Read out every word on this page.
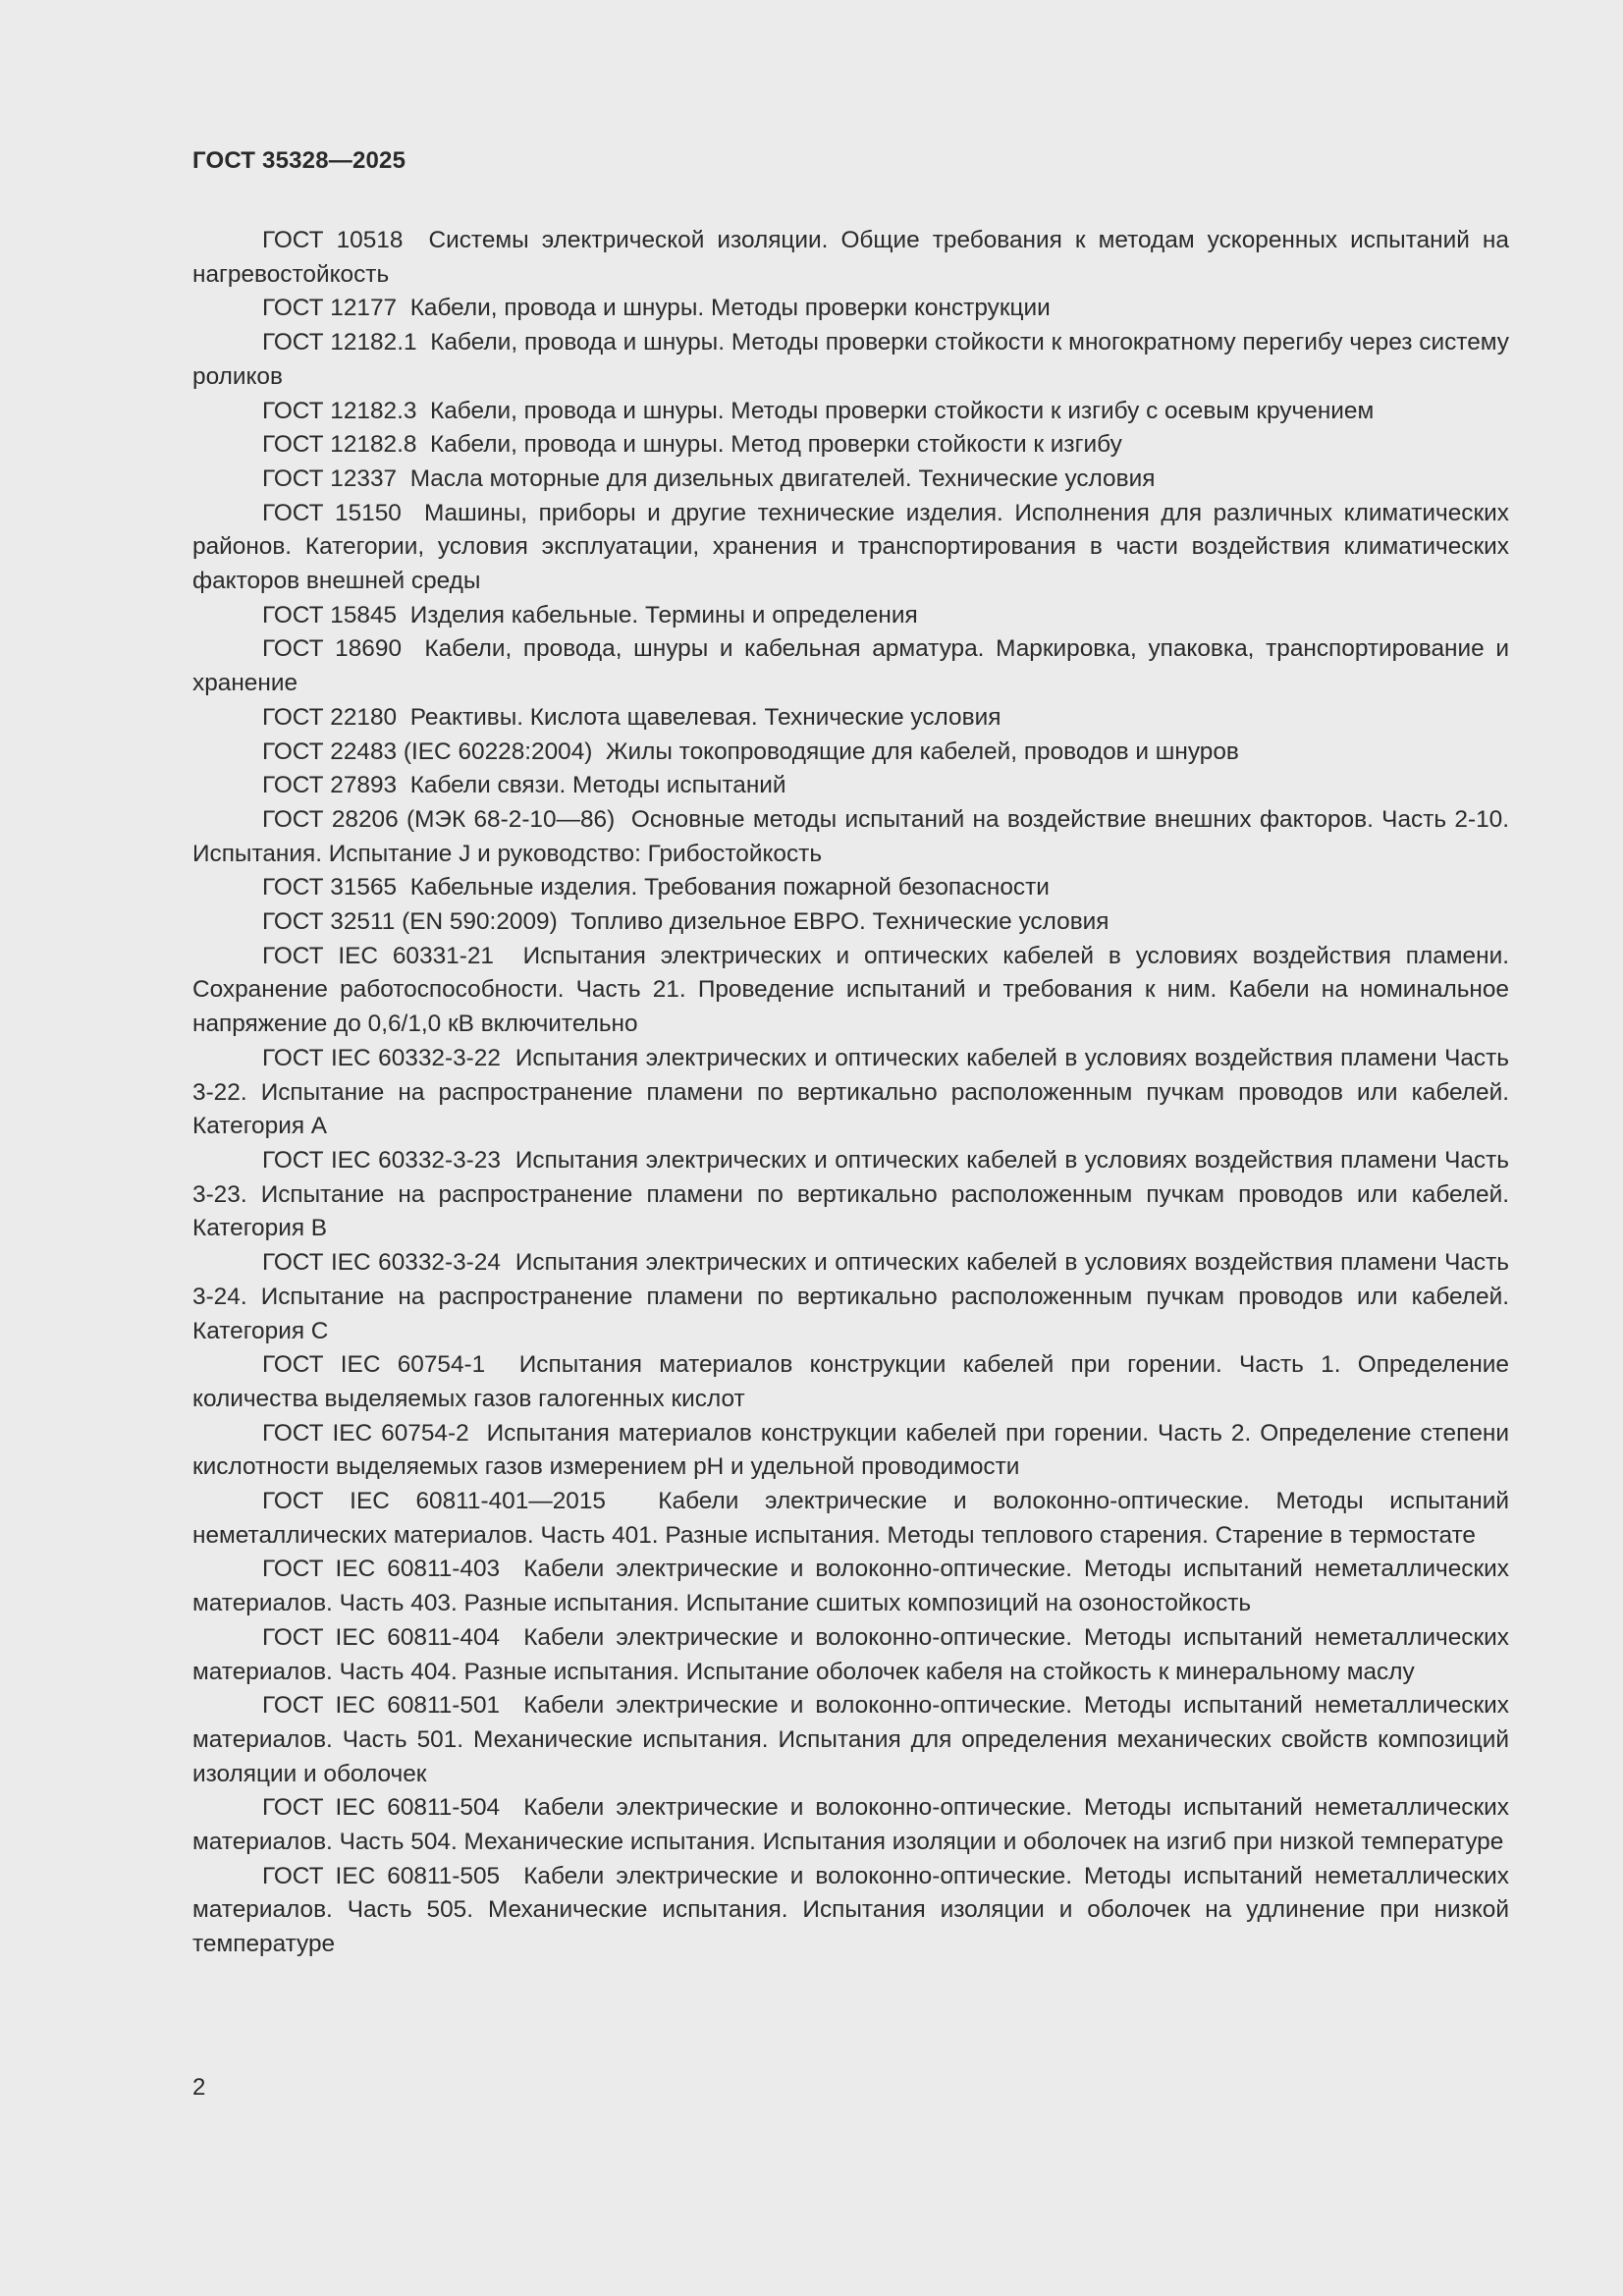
ГОСТ 35328—2025
ГОСТ 10518 Системы электрической изоляции. Общие требования к методам ускоренных испытаний на нагревостойкость
ГОСТ 12177 Кабели, провода и шнуры. Методы проверки конструкции
ГОСТ 12182.1 Кабели, провода и шнуры. Методы проверки стойкости к многократному перегибу через систему роликов
ГОСТ 12182.3 Кабели, провода и шнуры. Методы проверки стойкости к изгибу с осевым кручением
ГОСТ 12182.8 Кабели, провода и шнуры. Метод проверки стойкости к изгибу
ГОСТ 12337 Масла моторные для дизельных двигателей. Технические условия
ГОСТ 15150 Машины, приборы и другие технические изделия. Исполнения для различных климатических районов. Категории, условия эксплуатации, хранения и транспортирования в части воздействия климатических факторов внешней среды
ГОСТ 15845 Изделия кабельные. Термины и определения
ГОСТ 18690 Кабели, провода, шнуры и кабельная арматура. Маркировка, упаковка, транспортирование и хранение
ГОСТ 22180 Реактивы. Кислота щавелевая. Технические условия
ГОСТ 22483 (IEC 60228:2004) Жилы токопроводящие для кабелей, проводов и шнуров
ГОСТ 27893 Кабели связи. Методы испытаний
ГОСТ 28206 (МЭК 68-2-10—86) Основные методы испытаний на воздействие внешних факторов. Часть 2-10. Испытания. Испытание J и руководство: Грибостойкость
ГОСТ 31565 Кабельные изделия. Требования пожарной безопасности
ГОСТ 32511 (EN 590:2009) Топливо дизельное ЕВРО. Технические условия
ГОСТ IEC 60331-21 Испытания электрических и оптических кабелей в условиях воздействия пламени. Сохранение работоспособности. Часть 21. Проведение испытаний и требования к ним. Кабели на номинальное напряжение до 0,6/1,0 кВ включительно
ГОСТ IEC 60332-3-22 Испытания электрических и оптических кабелей в условиях воздействия пламени Часть 3-22. Испытание на распространение пламени по вертикально расположенным пучкам проводов или кабелей. Категория А
ГОСТ IEC 60332-3-23 Испытания электрических и оптических кабелей в условиях воздействия пламени Часть 3-23. Испытание на распространение пламени по вертикально расположенным пучкам проводов или кабелей. Категория В
ГОСТ IEC 60332-3-24 Испытания электрических и оптических кабелей в условиях воздействия пламени Часть 3-24. Испытание на распространение пламени по вертикально расположенным пучкам проводов или кабелей. Категория С
ГОСТ IEC 60754-1 Испытания материалов конструкции кабелей при горении. Часть 1. Определение количества выделяемых газов галогенных кислот
ГОСТ IEC 60754-2 Испытания материалов конструкции кабелей при горении. Часть 2. Определение степени кислотности выделяемых газов измерением pH и удельной проводимости
ГОСТ IEC 60811-401—2015 Кабели электрические и волоконно-оптические. Методы испытаний неметаллических материалов. Часть 401. Разные испытания. Методы теплового старения. Старение в термостате
ГОСТ IEC 60811-403 Кабели электрические и волоконно-оптические. Методы испытаний неметаллических материалов. Часть 403. Разные испытания. Испытание сшитых композиций на озоностойкость
ГОСТ IEC 60811-404 Кабели электрические и волоконно-оптические. Методы испытаний неметаллических материалов. Часть 404. Разные испытания. Испытание оболочек кабеля на стойкость к минеральному маслу
ГОСТ IEC 60811-501 Кабели электрические и волоконно-оптические. Методы испытаний неметаллических материалов. Часть 501. Механические испытания. Испытания для определения механических свойств композиций изоляции и оболочек
ГОСТ IEC 60811-504 Кабели электрические и волоконно-оптические. Методы испытаний неметаллических материалов. Часть 504. Механические испытания. Испытания изоляции и оболочек на изгиб при низкой температуре
ГОСТ IEC 60811-505 Кабели электрические и волоконно-оптические. Методы испытаний неметаллических материалов. Часть 505. Механические испытания. Испытания изоляции и оболочек на удлинение при низкой температуре
2
